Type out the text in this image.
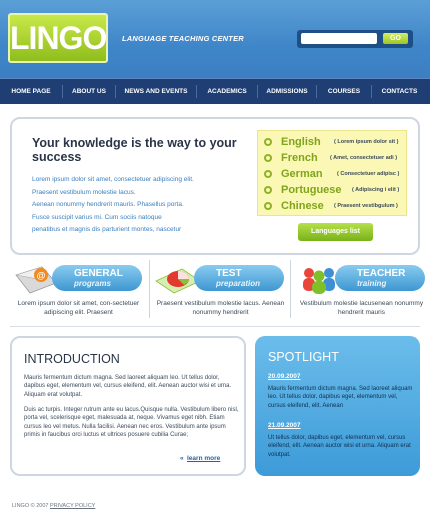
LINGO LANGUAGE TEACHING CENTER	GO
HOME PAGE	ABOUT US	NEWS AND EVENTS	ACADEMICS	ADMISSIONS	COURSES	CONTACTS
Your knowledge is the way to your success
Lorem ipsum dolor sit amet, consectetuer adipiscing elit.
Praesent vestibulum molestie lacus.
Aenean nonummy hendrerit mauris. Phasellus porta.
Fusce suscipit varius mi. Cum sociis natoque
penatibus et magnis dis parturient montes, nascetur
English ( Lorem ipsum dolor sit )
French ( Amet, consectetuer adi )
German	( Consectetuer adipisc )
Portuguese ( Adipiscing i elit )
Chinese ( Praesent vestibgulum )
Languages list
@	GENERAL
programs
Lorem ipsum dolor sit amet, con-sectetuer adipiscing elit. Praesent
TEST
preparation
Praesent vestibulum molestie lacus. Aenean nonummy hendrerit
TEACHER
training
Vestibulum molestie lacusenean nonummy hendrerit mauris
INTRODUCTION
Mauris fermentum dictum magna. Sed laoreet aliquam leo. Ut tellus dolor, dapibus eget, elementum vel, cursus eleifend, elit. Aenean auctor wisi et urna. Aliquam erat volutpat.
Duis ac turpis. Integer rutrum ante eu lacus.Quisque nulla. Vestibulum libero nisl, porta vel, scelerisque eget, malesuada at, neque. Vivamus eget nibh. Etiam cursus leo vel metus. Nulla facilisi. Aenean nec eros. Vestibulum ante ipsum primis in faucibus orci luctus et ultrices posuere cubilia Curae;
« learn more
SPOTLIGHT
20.09.2007
Mauris fermentum dictum magna. Sed laoreet aliquam leo. Ut tellus dolor, dapibus eget, elementum vel, cursus eleifend, elit. Aenean
21.09.2007
Ut tellus dolor, dapibus eget, elementum vel, cursus eleifend, elit. Aenean auctor wisi et urna. Aliquam erat volutpat.
LINGO © 2007 PRIVACY POLICY
